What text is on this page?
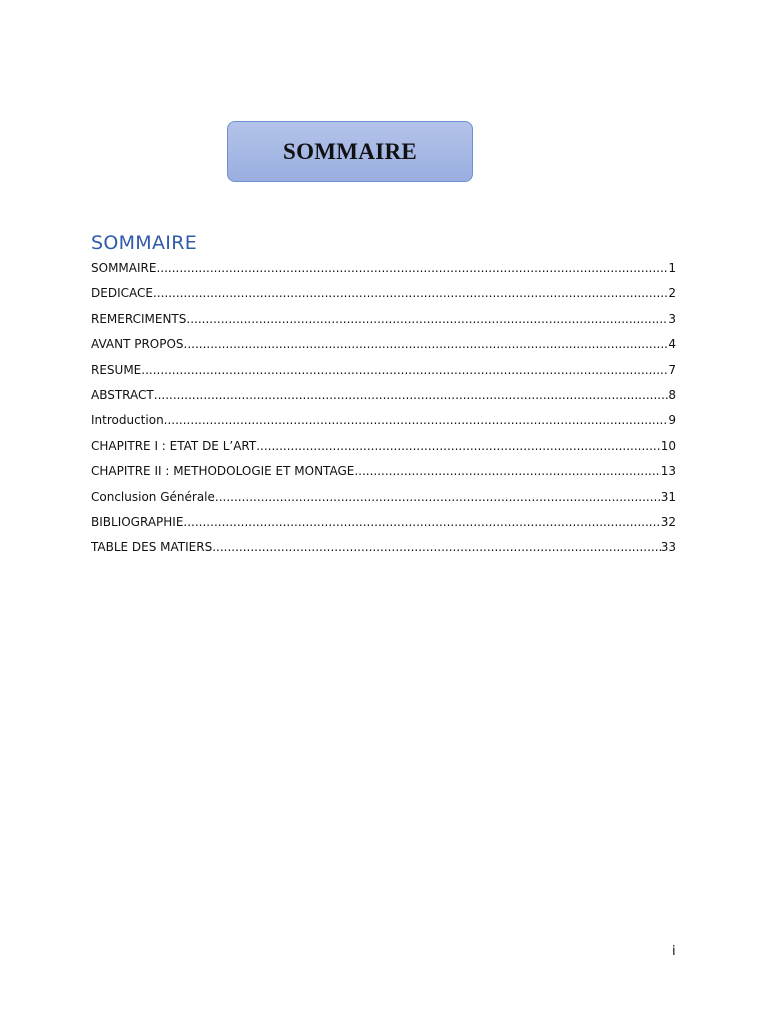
SOMMAIRE
SOMMAIRE
SOMMAIRE .....	1
DEDICACE .....	2
REMERCIMENTS .....	3
AVANT PROPOS .....	4
RESUME .....	7
ABSTRACT .....	8
Introduction .....	9
CHAPITRE I : ETAT DE L’ART .....	10
CHAPITRE II : METHODOLOGIE ET MONTAGE .....	13
Conclusion Générale .....	31
BIBLIOGRAPHIE .....	32
TABLE DES MATIERS .....	33
i
